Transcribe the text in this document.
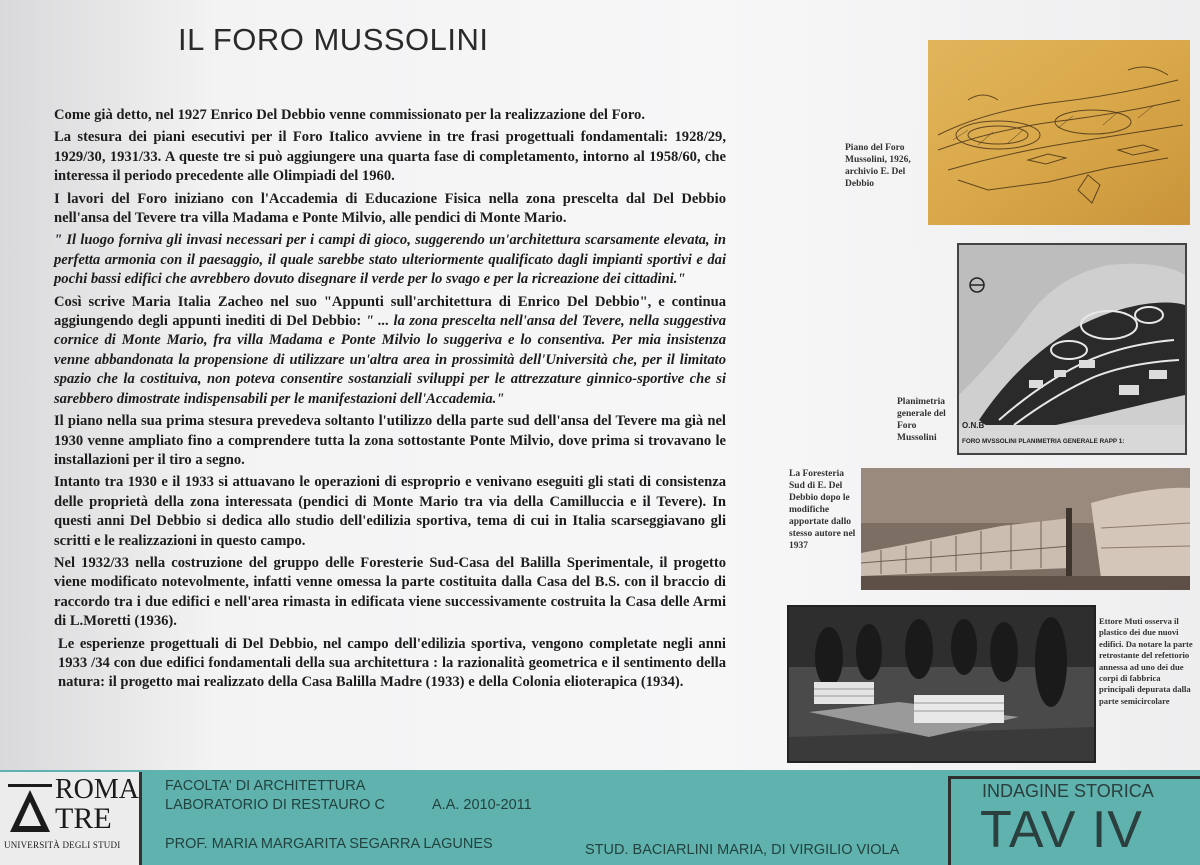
IL FORO MUSSOLINI

Come già detto, nel 1927 Enrico Del Debbio venne commissionato per la realizzazione del Foro.

La stesura dei piani esecutivi per il Foro Italico avviene in tre frasi progettuali fondamentali: 1928/29, 1929/30, 1931/33. A queste tre si può aggiungere una quarta fase di completamento, intorno al 1958/60, che interessa il periodo precedente alle Olimpiadi del 1960.

I lavori del Foro iniziano con l'Accademia di Educazione Fisica nella zona prescelta dal Del Debbio nell'ansa del Tevere tra villa Madama e Ponte Milvio, alle pendici di Monte Mario.

" Il luogo forniva gli invasi necessari per i campi di gioco, suggerendo un'architettura scarsamente elevata, in perfetta armonia con il paesaggio, il quale sarebbe stato ulteriormente qualificato dagli impianti sportivi e dai pochi bassi edifici che avrebbero dovuto disegnare il verde per lo svago e per la ricreazione dei cittadini."

Così scrive Maria Italia Zacheo nel suo "Appunti sull'architettura di Enrico Del Debbio", e continua aggiungendo degli appunti inediti di Del Debbio: " ... la zona prescelta nell'ansa del Tevere, nella suggestiva cornice di Monte Mario, fra villa Madama e Ponte Milvio lo suggeriva e lo consentiva. Per mia insistenza venne abbandonata la propensione di utilizzare un'altra area in prossimità dell'Università che, per il limitato spazio che la costituiva, non poteva consentire sostanziali sviluppi per le attrezzature ginnico-sportive che si sarebbero dimostrate indispensabili per le manifestazioni dell'Accademia."

Il piano nella sua prima stesura prevedeva soltanto l'utilizzo della parte sud dell'ansa del Tevere ma già nel 1930 venne ampliato fino a comprendere tutta la zona sottostante Ponte Milvio, dove prima si trovavano le installazioni per il tiro a segno.

Intanto tra 1930 e il 1933 si attuavano le operazioni di esproprio e venivano eseguiti gli stati di consistenza delle proprietà della zona interessata (pendici di Monte Mario tra via della Camilluccia e il Tevere). In questi anni Del Debbio si dedica allo studio dell'edilizia sportiva, tema di cui in Italia scarseggiavano gli scritti e le realizzazioni in questo campo.

Nel 1932/33 nella costruzione del gruppo delle Foresterie Sud-Casa del Balilla Sperimentale, il progetto viene modificato notevolmente, infatti venne omessa la parte costituita dalla Casa del B.S. con il braccio di raccordo tra i due edifici e nell'area rimasta in edificata viene successivamente costruita la Casa delle Armi di L.Moretti (1936).

Le esperienze progettuali di Del Debbio, nel campo dell'edilizia sportiva, vengono completate negli anni 1933 /34 con due edifici fondamentali della sua architettura : la razionalità geometrica e il sentimento della natura: il progetto mai realizzato della Casa Balilla Madre (1933) e della Colonia elioterapica (1934).

Piano del Foro Mussolini, 1926, archivio E. Del Debbio
O.N.B
FORO MVSSOLINI PLANIMETRIA GENERALE RAPP 1:
Planimetria generale del Foro Mussolini
La Foresteria Sud di E. Del Debbio dopo le modifiche apportate dallo stesso autore nel 1937
Ettore Muti osserva il plastico dei due nuovi edifici. Da notare la parte retrostante del refettorio annessa ad uno dei due corpi di fabbrica principali depurata dalla parte semicircolare
ROMA
TRE
UNIVERSITÀ DEGLI STUDI
FACOLTA' DI ARCHITETTURA
LABORATORIO DI RESTAURO C	A.A. 2010-2011
PROF. MARIA MARGARITA SEGARRA LAGUNES	STUD. BACIARLINI MARIA, DI VIRGILIO VIOLA
INDAGINE STORICA
TAV IV
